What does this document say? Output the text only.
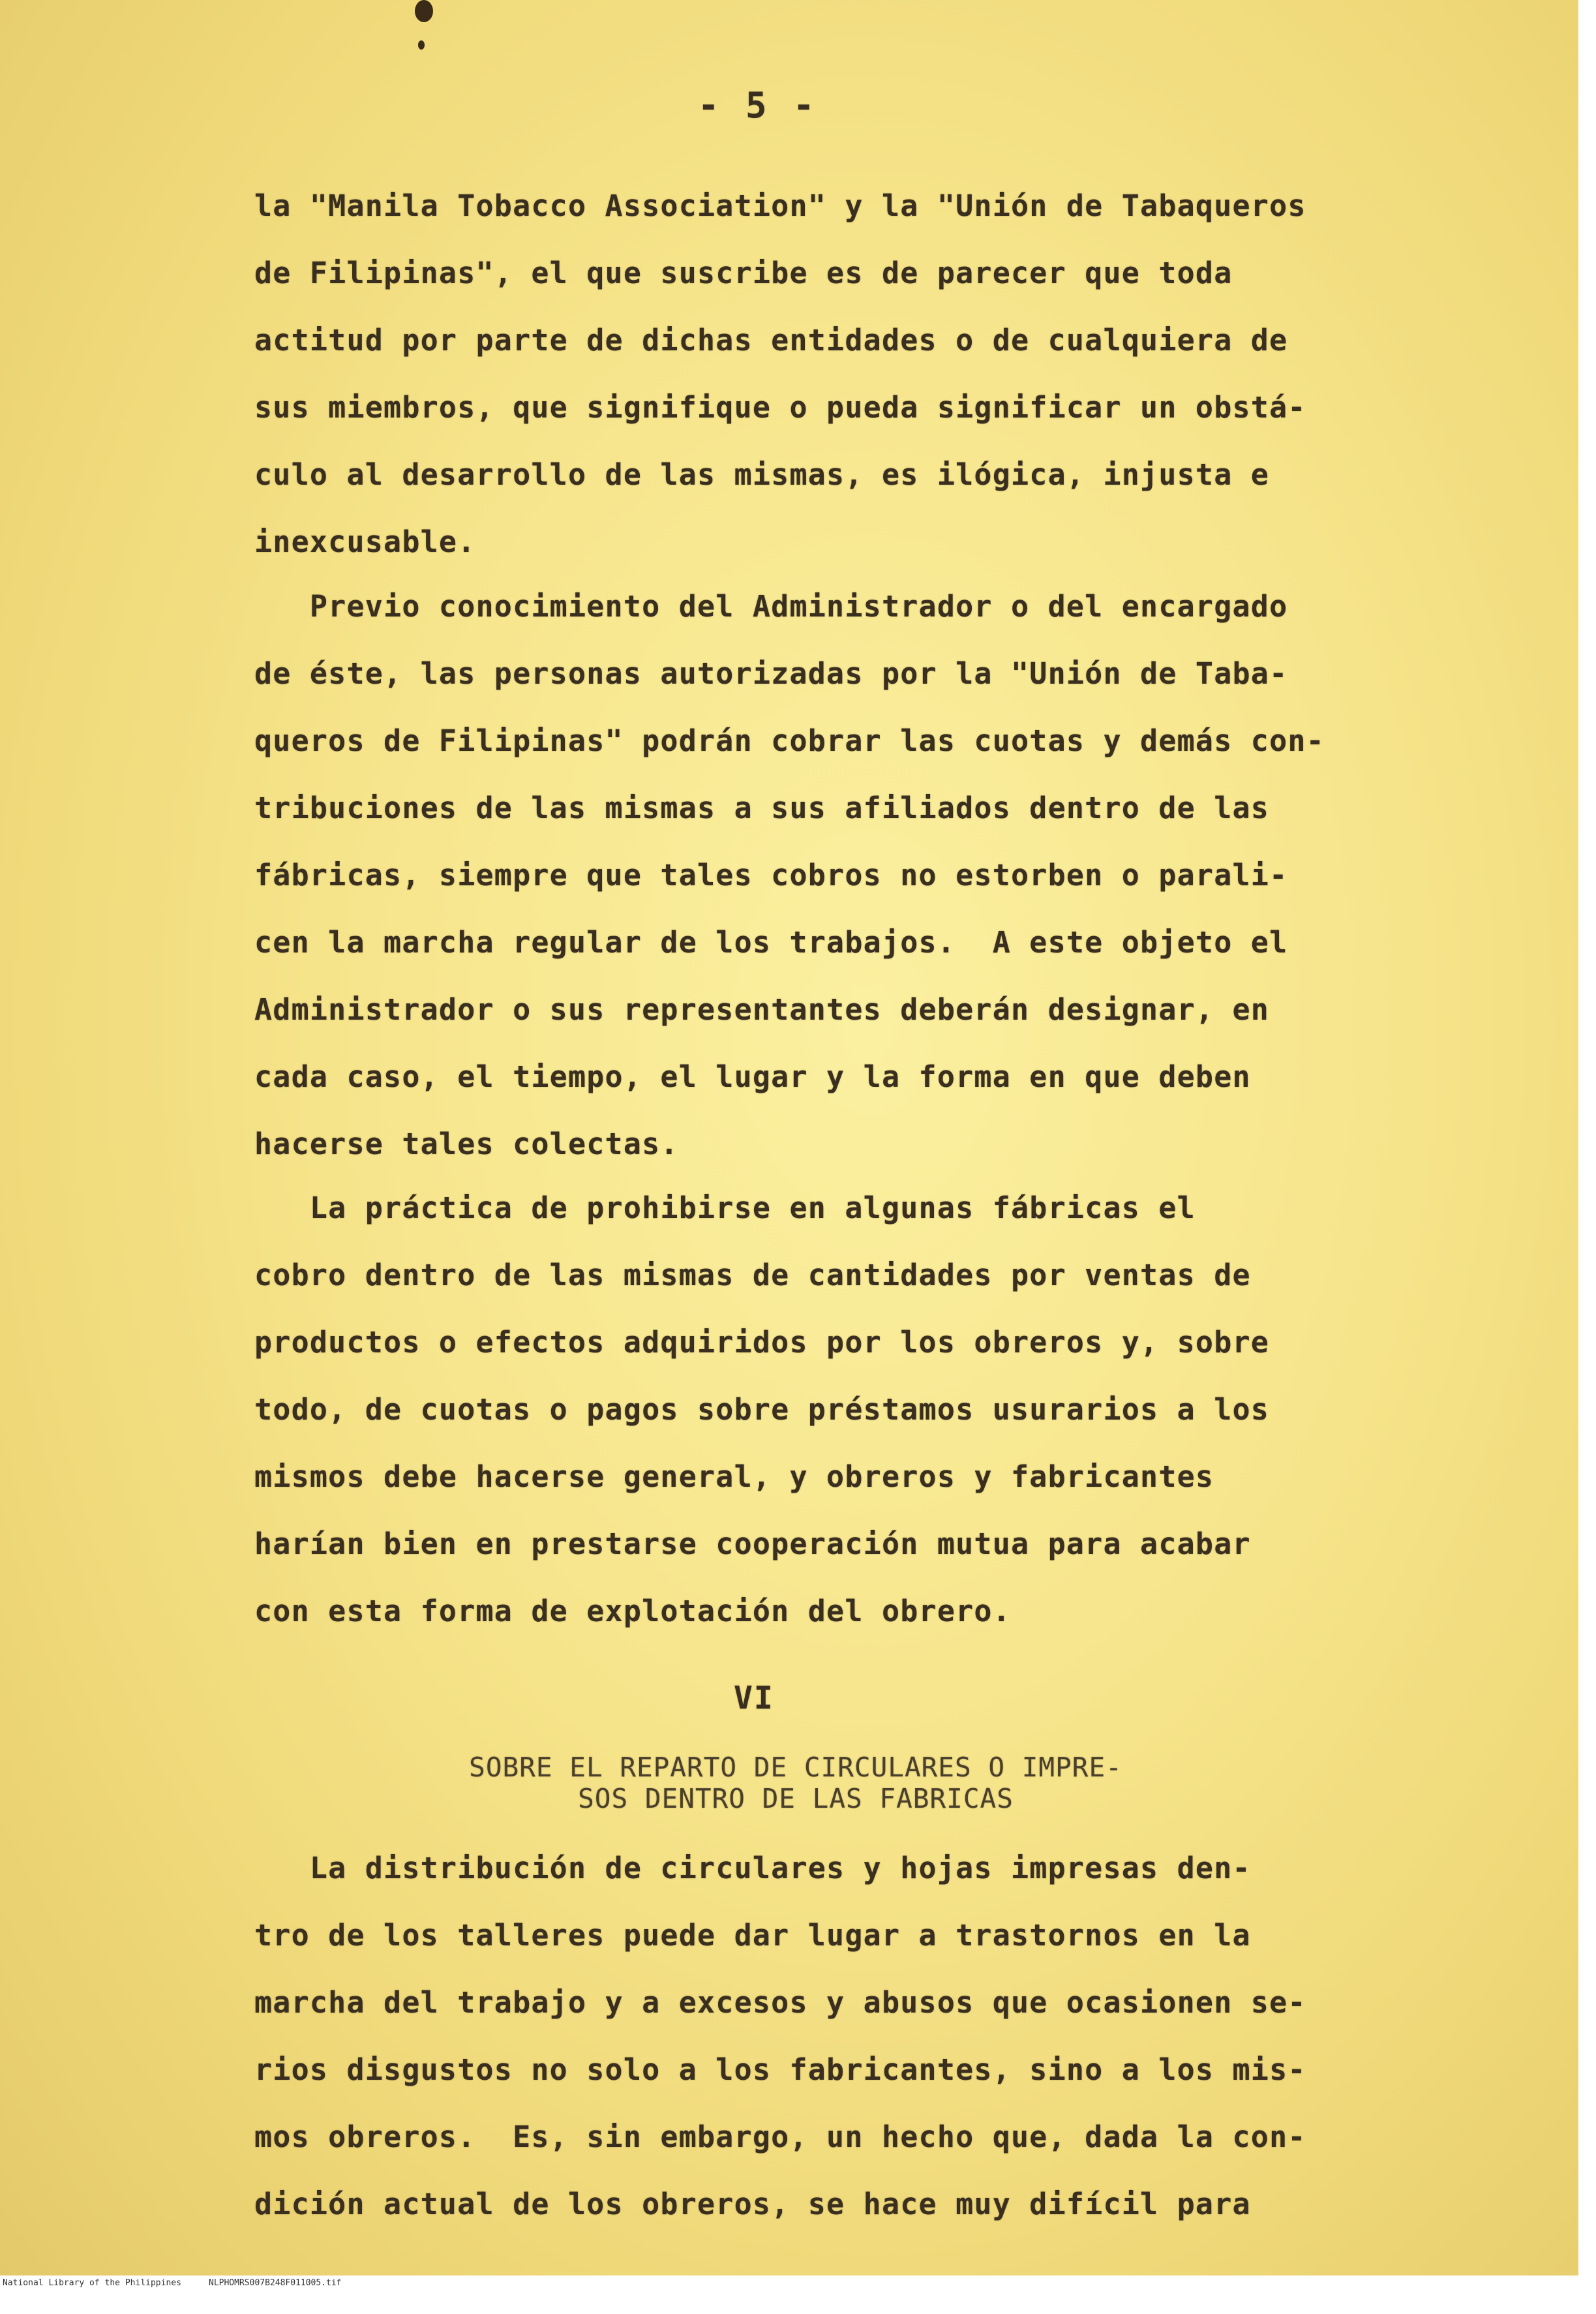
- 5 -
la "Manila Tobacco Association" y la "Unión de Tabaqueros
de Filipinas", el que suscribe es de parecer que toda
actitud por parte de dichas entidades o de cualquiera de
sus miembros, que signifique o pueda significar un obstá-
culo al desarrollo de las mismas, es ilógica, injusta e
inexcusable.
Previo conocimiento del Administrador o del encargado
de éste, las personas autorizadas por la "Unión de Taba-
queros de Filipinas" podrán cobrar las cuotas y demás con-
tribuciones de las mismas a sus afiliados dentro de las
fábricas, siempre que tales cobros no estorben o parali-
cen la marcha regular de los trabajos.  A este objeto el
Administrador o sus representantes deberán designar, en
cada caso, el tiempo, el lugar y la forma en que deben
hacerse tales colectas.
La práctica de prohibirse en algunas fábricas el
cobro dentro de las mismas de cantidades por ventas de
productos o efectos adquiridos por los obreros y, sobre
todo, de cuotas o pagos sobre préstamos usurarios a los
mismos debe hacerse general, y obreros y fabricantes
harían bien en prestarse cooperación mutua para acabar
con esta forma de explotación del obrero.
VI
SOBRE EL REPARTO DE CIRCULARES O IMPRE-
SOS DENTRO DE LAS FABRICAS
La distribución de circulares y hojas impresas den-
tro de los talleres puede dar lugar a trastornos en la
marcha del trabajo y a excesos y abusos que ocasionen se-
rios disgustos no solo a los fabricantes, sino a los mis-
mos obreros.  Es, sin embargo, un hecho que, dada la con-
dición actual de los obreros, se hace muy difícil para

National Library of the Philippines

	NLPHOMRS007B248F011005.tif
